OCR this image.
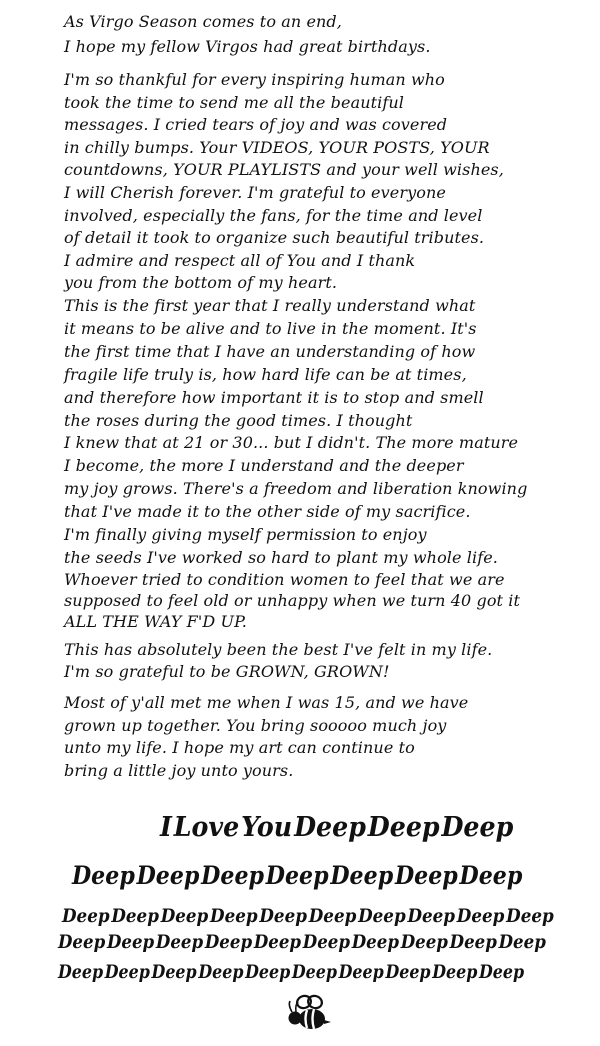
As Virgo Season comes to an end,
I hope my fellow Virgos had great birthdays.
I'm so thankful for every inspiring human who
took the time to send me all the beautiful
messages. I cried tears of joy and was covered
in chilly bumps. Your VIDEOS, YOUR POSTS, YOUR
countdowns, YOUR PLAYLISTS and your well wishes,
I will Cherish forever. I'm grateful to everyone
involved, especially the fans, for the time and level
of detail it took to organize such beautiful tributes.
I admire and respect all of You and I thank
you from the bottom of my heart.
This is the first year that I really understand what
it means to be alive and to live in the moment. It's
the first time that I have an understanding of how
fragile life truly is, how hard life can be at times,
and therefore how important it is to stop and smell
the roses during the good times. I thought
I knew that at 21 or 30... but I didn't. The more mature
I become, the more I understand and the deeper
my joy grows. There's a freedom and liberation knowing
that I've made it to the other side of my sacrifice.
I'm finally giving myself permission to enjoy
the seeds I've worked so hard to plant my whole life.
Whoever tried to condition women to feel that we are
supposed to feel old or unhappy when we turn 40 got it
ALL THE WAY F'D UP.
This has absolutely been the best I've felt in my life.
I'm so grateful to be GROWN, GROWN!
Most of y'all met me when I was 15, and we have
grown up together. You bring sooooo much joy
unto my life. I hope my art can continue to
bring a little joy unto yours.
ILoveYouDeepDeepDeep
DeepDeepDeepDeepDeepDeepDeep
DeepDeepDeepDeepDeepDeepDeepDeepDeepDeep
DeepDeepDeepDeepDeepDeepDeepDeepDeepDeep
DeepDeepDeepDeepDeepDeepDeepDeepDeepDeep
